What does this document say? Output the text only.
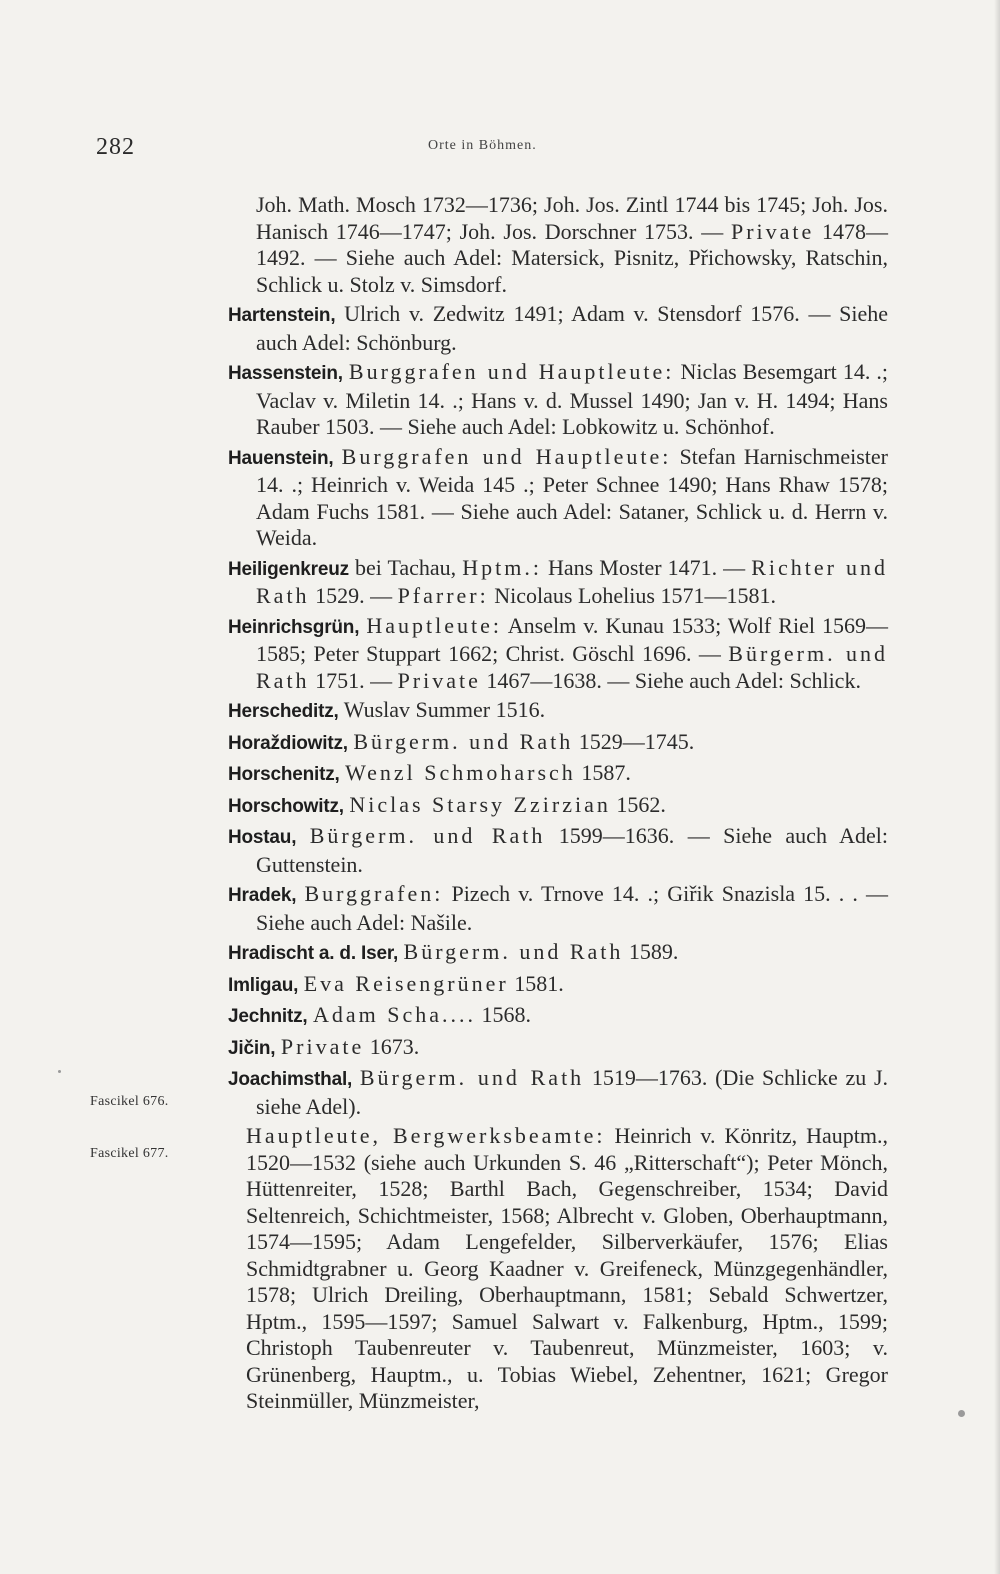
282	Orte in Böhmen.
Fascikel 676.
Fascikel 677.

Joh. Math. Mosch 1732—1736; Joh. Jos. Zintl 1744 bis 1745; Joh. Jos. Hanisch 1746—1747; Joh. Jos. Dorschner 1753. — Private 1478—1492. — Siehe auch Adel: Matersick, Pisnitz, Přichowsky, Ratschin, Schlick u. Stolz v. Simsdorf.

Hartenstein, Ulrich v. Zedwitz 1491; Adam v. Stensdorf 1576. — Siehe auch Adel: Schönburg.

Hassenstein, Burggrafen und Hauptleute: Niclas Besemgart 14. .; Vaclav v. Miletin 14. .; Hans v. d. Mussel 1490; Jan v. H. 1494; Hans Rauber 1503. — Siehe auch Adel: Lobkowitz u. Schönhof.

Hauenstein, Burggrafen und Hauptleute: Stefan Harnischmeister 14. .; Heinrich v. Weida 145 .; Peter Schnee 1490; Hans Rhaw 1578; Adam Fuchs 1581. — Siehe auch Adel: Sataner, Schlick u. d. Herrn v. Weida.

Heiligenkreuz bei Tachau, Hptm.: Hans Moster 1471. — Richter und Rath 1529. — Pfarrer: Nicolaus Lohelius 1571—1581.

Heinrichsgrün, Hauptleute: Anselm v. Kunau 1533; Wolf Riel 1569—1585; Peter Stuppart 1662; Christ. Göschl 1696. — Bürgerm. und Rath 1751. — Private 1467—1638. — Siehe auch Adel: Schlick.

Herscheditz, Wuslav Summer 1516.

Horaždiowitz, Bürgerm. und Rath 1529—1745.

Horschenitz, Wenzl Schmoharsch 1587.

Horschowitz, Niclas Starsy Zzirzian 1562.

Hostau, Bürgerm. und Rath 1599—1636. — Siehe auch Adel: Guttenstein.

Hradek, Burggrafen: Pizech v. Trnove 14. .; Giřik Snazisla 15. . . — Siehe auch Adel: Našile.

Hradischt a. d. Iser, Bürgerm. und Rath 1589.

Imligau, Eva Reisengrüner 1581.

Jechnitz, Adam Scha.... 1568.

Jičin, Private 1673.

Joachimsthal, Bürgerm. und Rath 1519—1763. (Die Schlicke zu J. siehe Adel).

Hauptleute, Bergwerksbeamte: Heinrich v. Könritz, Hauptm., 1520—1532 (siehe auch Urkunden S. 46 „Ritterschaft“); Peter Mönch, Hüttenreiter, 1528; Barthl Bach, Gegenschreiber, 1534; David Seltenreich, Schichtmeister, 1568; Albrecht v. Globen, Oberhauptmann, 1574—1595; Adam Lengefelder, Silberverkäufer, 1576; Elias Schmidtgrabner u. Georg Kaadner v. Greifeneck, Münzgegenhändler, 1578; Ulrich Dreiling, Oberhauptmann, 1581; Sebald Schwertzer, Hptm., 1595—1597; Samuel Salwart v. Falkenburg, Hptm., 1599; Christoph Taubenreuter v. Taubenreut, Münzmeister, 1603; v. Grünenberg, Hauptm., u. Tobias Wiebel, Zehentner, 1621; Gregor Steinmüller, Münzmeister,
